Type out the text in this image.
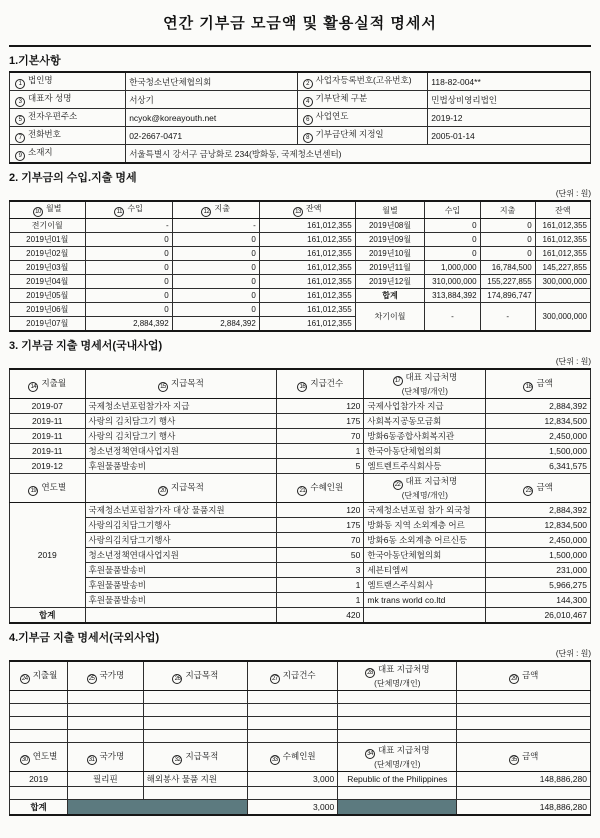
연간 기부금 모금액 및 활용실적 명세서
1.기본사항
1 법인명	한국청소년단체협의회	2 사업자등록번호(고유번호)	118-82-004**
3 대표자 성명	서상기	4 기부단체 구분	민법상비영리법인
5 전자우편주소	ncyok@koreayouth.net	6 사업연도	2019-12
7 전화번호	02-2667-0471	8 기부금단체 지정일	2005-01-14
9 소재지	서울특별시 강서구 금낭화로 234(방화동, 국제청소년센터)		
2. 기부금의 수입.지출 명세
(단위 : 원)
10 월별	11 수입	12 지출	13 잔액	월별	수입	지출	잔액
전기이월	-	-	161,012,355	2019년08월	0	0	161,012,355
2019년01월	0	0	161,012,355	2019년09월	0	0	161,012,355
2019년02월	0	0	161,012,355	2019년10월	0	0	161,012,355
2019년03월	0	0	161,012,355	2019년11월	1,000,000	16,784,500	145,227,855
2019년04월	0	0	161,012,355	2019년12월	310,000,000	155,227,855	300,000,000
2019년05월	0	0	161,012,355	합계	313,884,392	174,896,747	
2019년06월	0	0	161,012,355	차기이월	-	-	300,000,000
2019년07월	2,884,392	2,884,392	161,012,355				
3. 기부금 지출 명세서(국내사업)
(단위 : 원)
14 지출월	15 지급목적	16 지급건수	17 대표 지급처명
(단체명/개인)	18 금액
2019-07	국제청소년포럼참가자 지급	120	국제사업참가자 지급	2,884,392
2019-11	사랑의 김치담그기 행사	175	사회복지공동모금회	12,834,500
2019-11	사랑의 김치담그기 행사	70	방화6동종합사회복지관	2,450,000
2019-11	청소년정책연대사업지원	1	한국아동단체협의회	1,500,000
2019-12	후원물품발송비	5	엠트렌트주식회사등	6,341,575
19 연도별	20 지급목적	21 수혜인원	22 대표 지급처명
(단체명/개인)	23 금액
2019	국제청소년포럼참가자 대상 물품지원	120	국제청소년포럼 참가 외국청	2,884,392
	사랑의김치담그기행사	175	방화동 지역 소외계층 어르	12,834,500
	사랑의김치담그기행사	70	방화6동 소외계층 어르신등	2,450,000
	청소년정책연대사업지원	50	한국아동단체협의회	1,500,000
	후원물품발송비	3	세븐티엠씨	231,000
	후원물품발송비	1	엠트랜스주식회사	5,966,275
	후원물품발송비	1	mk trans world co.ltd	144,300
합계		420		26,010,467
4.기부금 지출 명세서(국외사업)
(단위 : 원)
24 지출월	25 국가명	26 지급목적	27 지급건수	28 대표 지급처명
(단체명/개인)	29 금액

30 연도별	31 국가명	32 지급목적	33 수혜인원	34 대표 지급처명
(단체명/개인)	35 금액
2019	필리핀	해외봉사 물품 지원	3,000	Republic of the Philippines	148,886,280

합계			3,000		148,886,280
